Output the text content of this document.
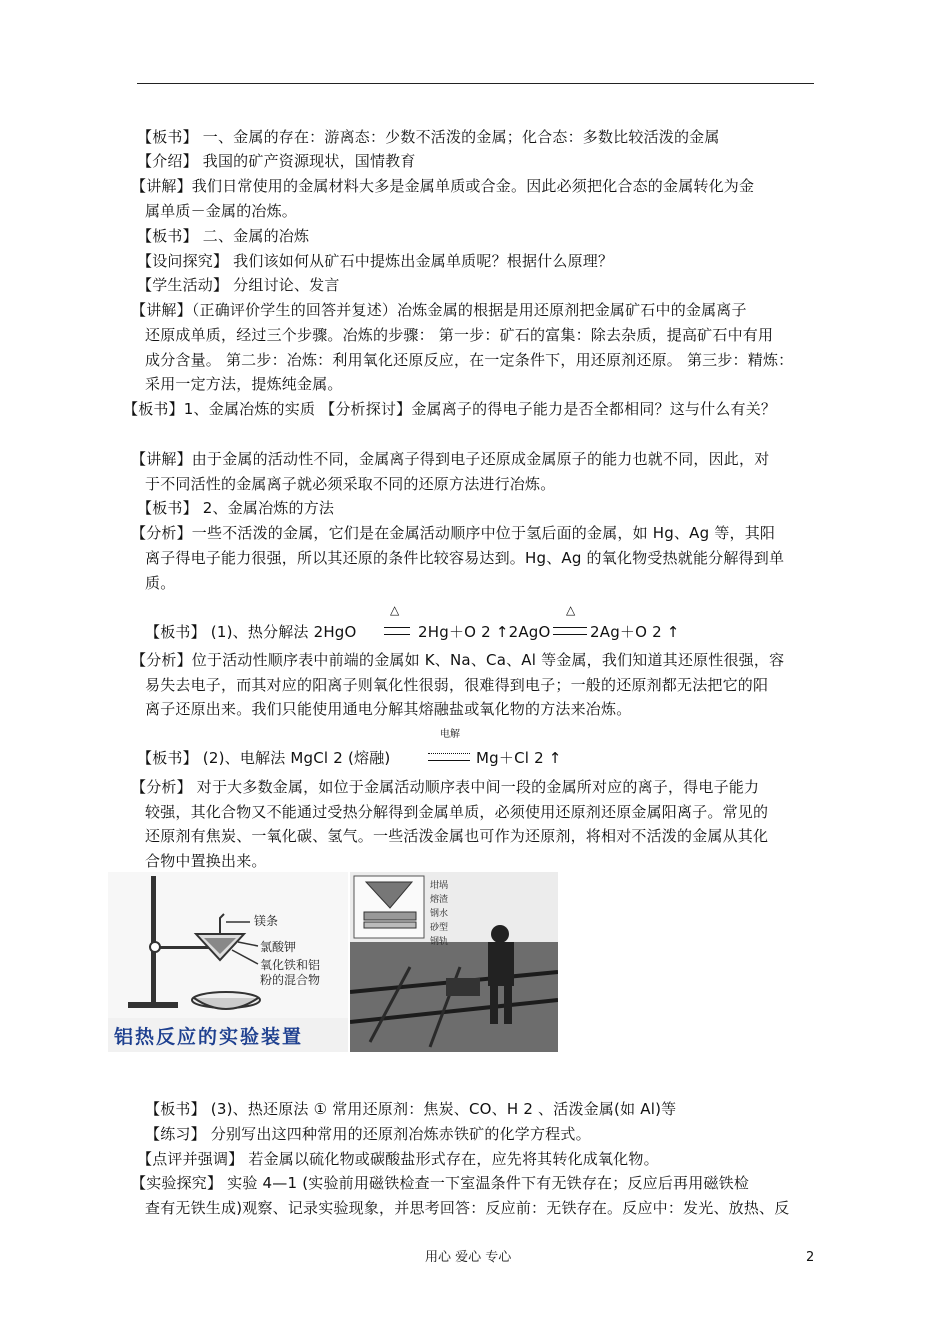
【板书】 一、金属的存在：游离态：少数不活泼的金属；化合态：多数比较活泼的金属
【介绍】 我国的矿产资源现状，国情教育
【讲解】我们日常使用的金属材料大多是金属单质或合金。因此必须把化合态的金属转化为金
属单质－金属的冶炼。
【板书】 二、金属的冶炼
【设问探究】 我们该如何从矿石中提炼出金属单质呢？根据什么原理？
【学生活动】 分组讨论、发言
【讲解】（正确评价学生的回答并复述）冶炼金属的根据是用还原剂把金属矿石中的金属离子
还原成单质，经过三个步骤。冶炼的步骤： 第一步：矿石的富集：除去杂质，提高矿石中有用
成分含量。 第二步：冶炼：利用氧化还原反应，在一定条件下，用还原剂还原。 第三步：精炼：
采用一定方法，提炼纯金属。
【板书】1、金属冶炼的实质 【分析探讨】金属离子的得电子能力是否全都相同？这与什么有关？
【讲解】由于金属的活动性不同，金属离子得到电子还原成金属原子的能力也就不同，因此，对
于不同活性的金属离子就必须采取不同的还原方法进行冶炼。
【板书】 2、金属冶炼的方法
【分析】一些不活泼的金属，它们是在金属活动顺序中位于氢后面的金属，如 Hg、Ag 等，其阳
离子得电子能力很强，所以其还原的条件比较容易达到。Hg、Ag 的氧化物受热就能分解得到单
质。
【板书】 (1)、热分解法 2HgO
△
2Hg＋O 2 ↑2AgO
△
2Ag＋O 2 ↑
【分析】位于活动性顺序表中前端的金属如 K、Na、Ca、Al 等金属，我们知道其还原性很强，容
易失去电子，而其对应的阳离子则氧化性很弱，很难得到电子；一般的还原剂都无法把它的阳
离子还原出来。我们只能使用通电分解其熔融盐或氧化物的方法来冶炼。
【板书】 (2)、电解法 MgCl 2 (熔融)
电解
Mg＋Cl 2 ↑
【分析】 对于大多数金属，如位于金属活动顺序表中间一段的金属所对应的离子，得电子能力
较强，其化合物又不能通过受热分解得到金属单质，必须使用还原剂还原金属阳离子。常见的
还原剂有焦炭、一氧化碳、氢气。一些活泼金属也可作为还原剂，将相对不活泼的金属从其化
合物中置换出来。
镁条
氯酸钾
氧化铁和铝
粉的混合物
铝热反应的实验装置
坩埚
熔渣
钢水
砂型
钢轨
【板书】 (3)、热还原法 ① 常用还原剂：焦炭、CO、H 2 、活泼金属(如 Al)等
【练习】 分别写出这四种常用的还原剂冶炼赤铁矿的化学方程式。
【点评并强调】 若金属以硫化物或碳酸盐形式存在，应先将其转化成氧化物。
【实验探究】 实验 4—1 (实验前用磁铁检查一下室温条件下有无铁存在；反应后再用磁铁检
查有无铁生成)观察、记录实验现象，并思考回答：反应前：无铁存在。反应中：发光、放热、反
用心 爱心 专心	2
